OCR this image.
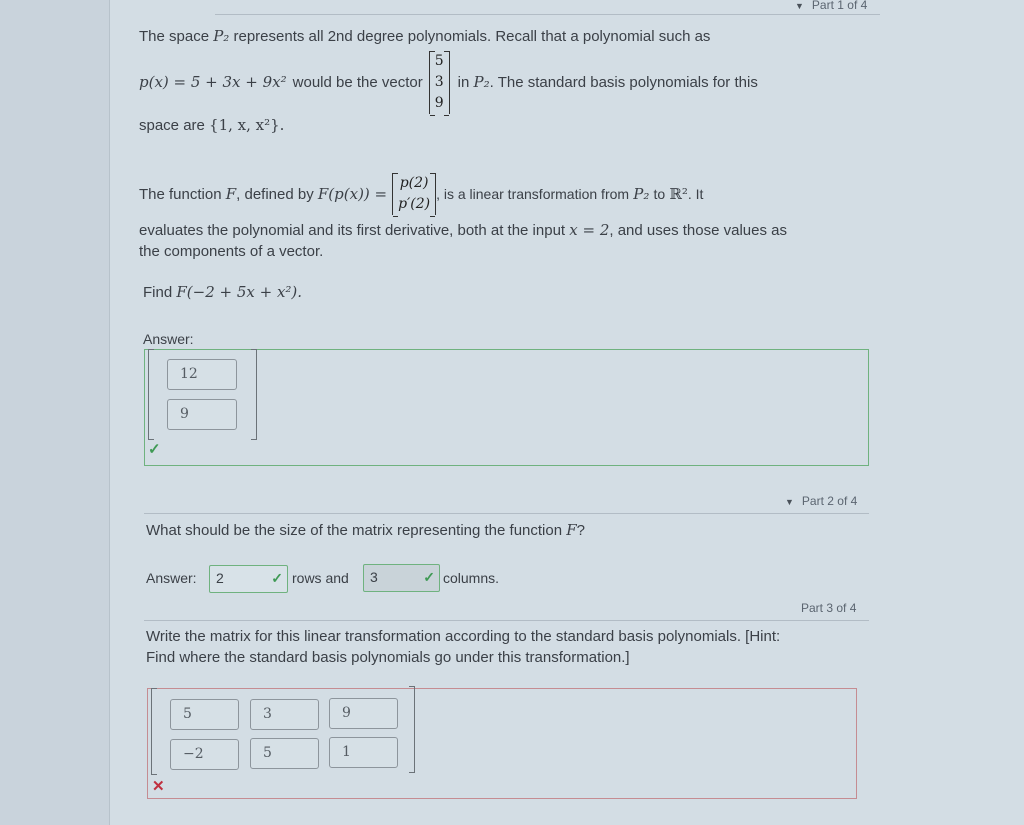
▼ Part 1 of 4
The space P₂ represents all 2nd degree polynomials. Recall that a polynomial such as
p(x) = 5 + 3x + 9x² would be the vector
5
3
9
in
P₂ . The standard basis polynomials for this
space are {1, x, x²}.
The function
F , defined by
F(p(x)) =
p(2)
p′(2)
, is a linear transformation from
P₂
to
ℝ² . It
evaluates the polynomial and its first derivative, both at the input x = 2, and uses those values as
the components of a vector.
Find F(−2 + 5x + x²).
Answer:
12
9
✓
▼ Part 2 of 4
What should be the size of the matrix representing the function F?
Answer:	2	✓ rows and	3	✓ columns.
Part 3 of 4
Write the matrix for this linear transformation according to the standard basis polynomials. [Hint:
Find where the standard basis polynomials go under this transformation.]
5	3	9
−2	5	1
✕
